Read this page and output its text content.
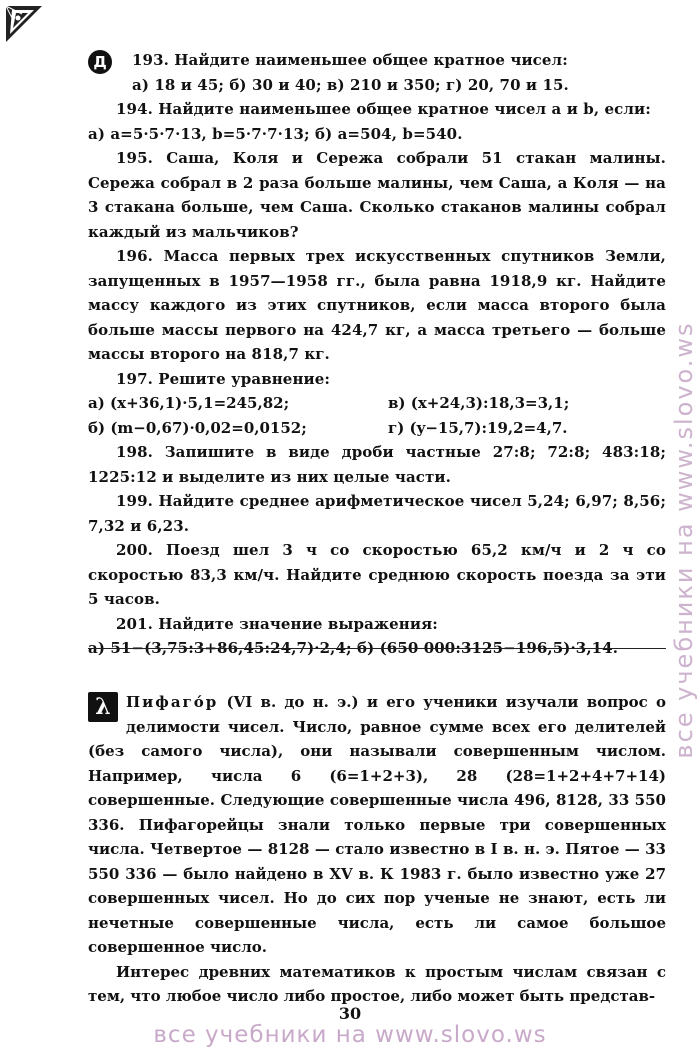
Д	193. Найдите наименьшее общее кратное чисел:

а) 18 и 45; б) 30 и 40; в) 210 и 350; г) 20, 70 и 15.

194. Найдите наименьшее общее кратное чисел a и b, если:

а) a=5·5·7·13, b=5·7·7·13; б) a=504, b=540.

195. Саша, Коля и Сережа собрали 51 стакан малины. Сережа собрал в 2 раза больше малины, чем Саша, а Коля — на 3 стакана больше, чем Саша. Сколько стаканов малины собрал каждый из мальчиков?

196. Масса первых трех искусственных спутников Земли, запущенных в 1957—1958 гг., была равна 1918,9 кг. Найдите массу каждого из этих спутников, если масса второго была больше массы первого на 424,7 кг, а масса третьего — больше массы второго на 818,7 кг.

197. Решите уравнение:

а) (x+36,1)·5,1=245,82;	в) (x+24,3):18,3=3,1;
б) (m−0,67)·0,02=0,0152;	г) (y−15,7):19,2=4,7.

198. Запишите в виде дроби частные 27:8; 72:8; 483:18; 1225:12 и выделите из них целые части.

199. Найдите среднее арифметическое чисел 5,24; 6,97; 8,56; 7,32 и 6,23.

200. Поезд шел 3 ч со скоростью 65,2 км/ч и 2 ч со скоростью 83,3 км/ч. Найдите среднюю скорость поезда за эти 5 часов.

201. Найдите значение выражения:

а) 51−(3,75:3+86,45:24,7)·2,4; б) (650 000:3125−196,5)·3,14.

λ	Пифаго́р (VI в. до н. э.) и его ученики изучали вопрос о делимости чисел. Число, равное сумме всех его делителей (без самого числа), они называли совершенным числом. Например, числа 6 (6=1+2+3), 28 (28=1+2+4+7+14) совершенные. Следующие совершенные числа 496, 8128, 33 550 336. Пифагорейцы знали только первые три совершенных числа. Четвертое — 8128 — стало известно в I в. н. э. Пятое — 33 550 336 — было найдено в XV в. К 1983 г. было известно уже 27 совершенных чисел. Но до сих пор ученые не знают, есть ли нечетные совершенные числа, есть ли самое большое совершенное число.

Интерес древних математиков к простым числам связан с тем, что любое число либо простое, либо может быть представ-

30
все учебники на www.slovo.ws
все учебники на www.slovo.ws
